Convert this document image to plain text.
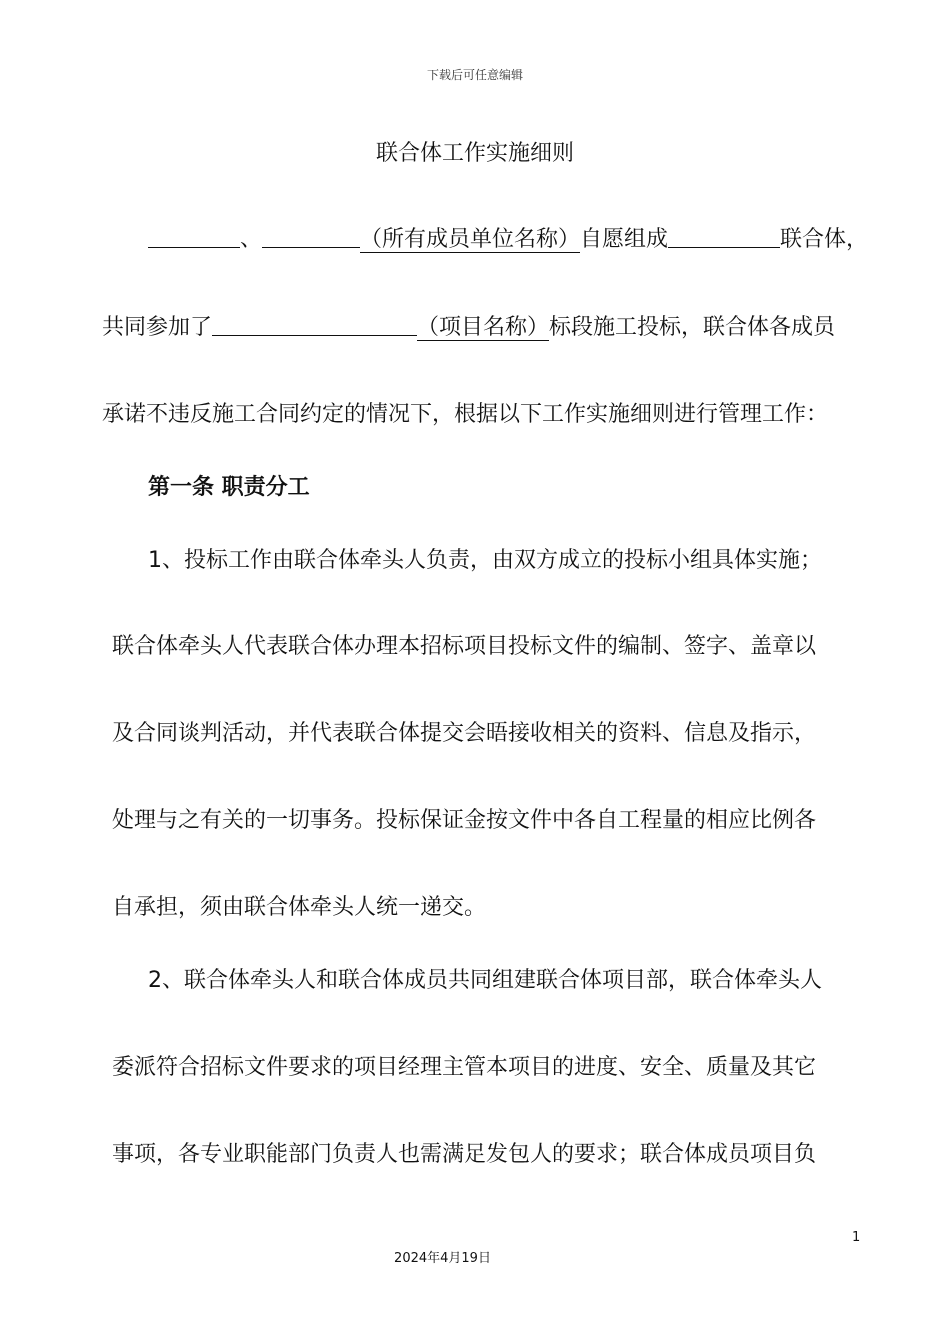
下载后可任意编辑
联合体工作实施细则
、	（所有成员单位名称）自愿组成	联合体，
共同参加了	（项目名称）标段施工投标，联合体各成员
承诺不违反施工合同约定的情况下，根据以下工作实施细则进行管理工作：
第一条 职责分工
1、投标工作由联合体牵头人负责，由双方成立的投标小组具体实施；
联合体牵头人代表联合体办理本招标项目投标文件的编制、签字、盖章以
及合同谈判活动，并代表联合体提交会晤接收相关的资料、信息及指示，
处理与之有关的一切事务。投标保证金按文件中各自工程量的相应比例各
自承担，须由联合体牵头人统一递交。
2、联合体牵头人和联合体成员共同组建联合体项目部，联合体牵头人
委派符合招标文件要求的项目经理主管本项目的进度、安全、质量及其它
事项，各专业职能部门负责人也需满足发包人的要求；联合体成员项目负
1
2024年4月19日
